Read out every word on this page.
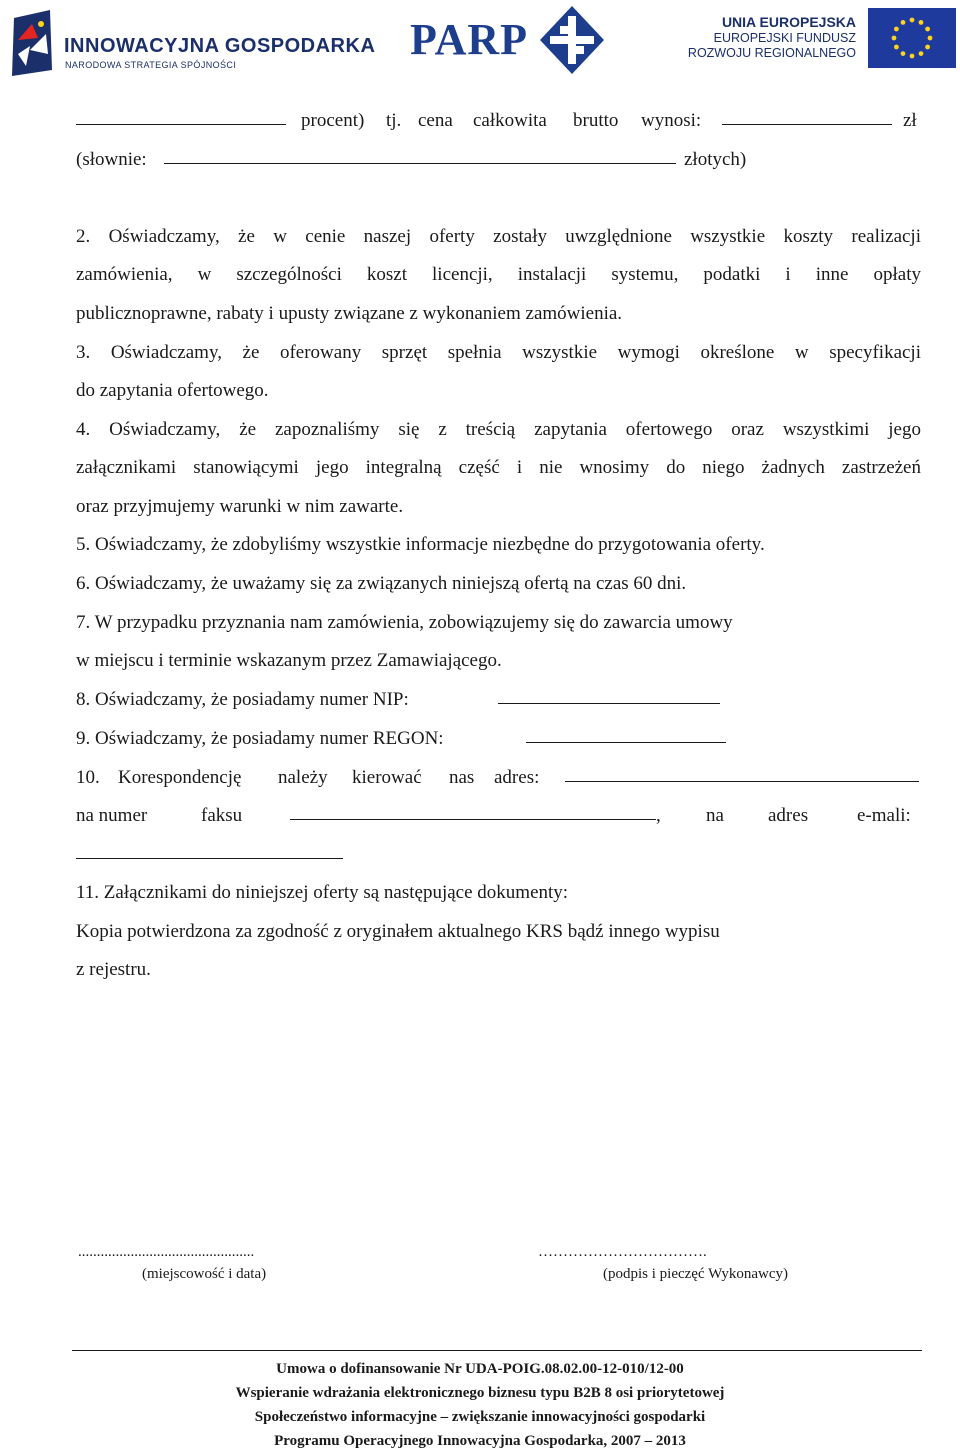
INNOWACYJNA GOSPODARKA
NARODOWA STRATEGIA SPÓJNOŚCI
PARP	UNIA EUROPEJSKA
EUROPEJSKI FUNDUSZ
ROZWOJU REGIONALNEGO
procent) tj. cena całkowita brutto wynosi:	zł
(słownie:	złotych)
2. Oświadczamy, że w cenie naszej oferty zostały uwzględnione wszystkie koszty realizacji
zamówienia, w szczególności koszt licencji, instalacji systemu, podatki i inne opłaty
publicznoprawne, rabaty i upusty związane z wykonaniem zamówienia.
3. Oświadczamy, że oferowany sprzęt spełnia wszystkie wymogi określone w specyfikacji
do zapytania ofertowego.
4. Oświadczamy, że zapoznaliśmy się z treścią zapytania ofertowego oraz wszystkimi jego
załącznikami stanowiącymi jego integralną część i nie wnosimy do niego żadnych zastrzeżeń
oraz przyjmujemy warunki w nim zawarte.
5. Oświadczamy, że zdobyliśmy wszystkie informacje niezbędne do przygotowania oferty.
6. Oświadczamy, że uważamy się za związanych niniejszą ofertą na czas 60 dni.
7. W przypadku przyznania nam zamówienia, zobowiązujemy się do zawarcia umowy
w miejscu i terminie wskazanym przez Zamawiającego.
8. Oświadczamy, że posiadamy numer NIP:
9. Oświadczamy, że posiadamy numer REGON:
10. Korespondencję należy kierować nas adres:
na numer	faksu	, na adres	e-mali:
11. Załącznikami do niniejszej oferty są następujące dokumenty:
Kopia potwierdzona za zgodność z oryginałem aktualnego KRS bądź innego wypisu
z rejestru.
...............................................
(miejscowość i data)
…………………………….
(podpis i pieczęć Wykonawcy)
Umowa o dofinansowanie Nr UDA-POIG.08.02.00-12-010/12-00
Wspieranie wdrażania elektronicznego biznesu typu B2B 8 osi priorytetowej
Społeczeństwo informacyjne – zwiększanie innowacyjności gospodarki
Programu Operacyjnego Innowacyjna Gospodarka, 2007 – 2013
